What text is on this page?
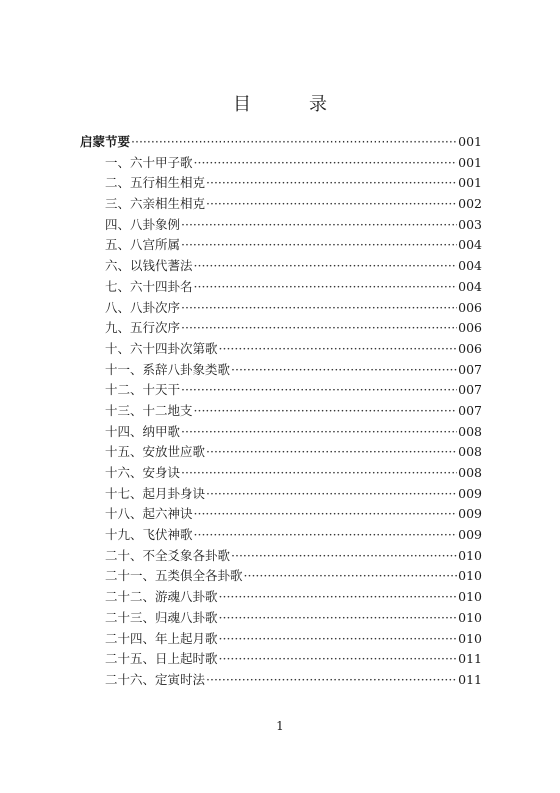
目　录
启蒙节要 ·····	001
一、六十甲子歌 ·····	001
二、五行相生相克 ·····	001
三、六亲相生相克 ·····	002
四、八卦象例 ·····	003
五、八宫所属 ·····	004
六、以钱代蓍法 ·····	004
七、六十四卦名 ·····	004
八、八卦次序 ·····	006
九、五行次序 ·····	006
十、六十四卦次第歌 ·····	006
十一、系辞八卦象类歌 ·····	007
十二、十天干 ·····	007
十三、十二地支 ·····	007
十四、纳甲歌 ·····	008
十五、安放世应歌 ·····	008
十六、安身诀 ·····	008
十七、起月卦身诀 ·····	009
十八、起六神诀 ·····	009
十九、飞伏神歌 ·····	009
二十、不全爻象各卦歌 ·····	010
二十一、五类俱全各卦歌 ·····	010
二十二、游魂八卦歌 ·····	010
二十三、归魂八卦歌 ·····	010
二十四、年上起月歌 ·····	010
二十五、日上起时歌 ·····	011
二十六、定寅时法 ·····	011
1
